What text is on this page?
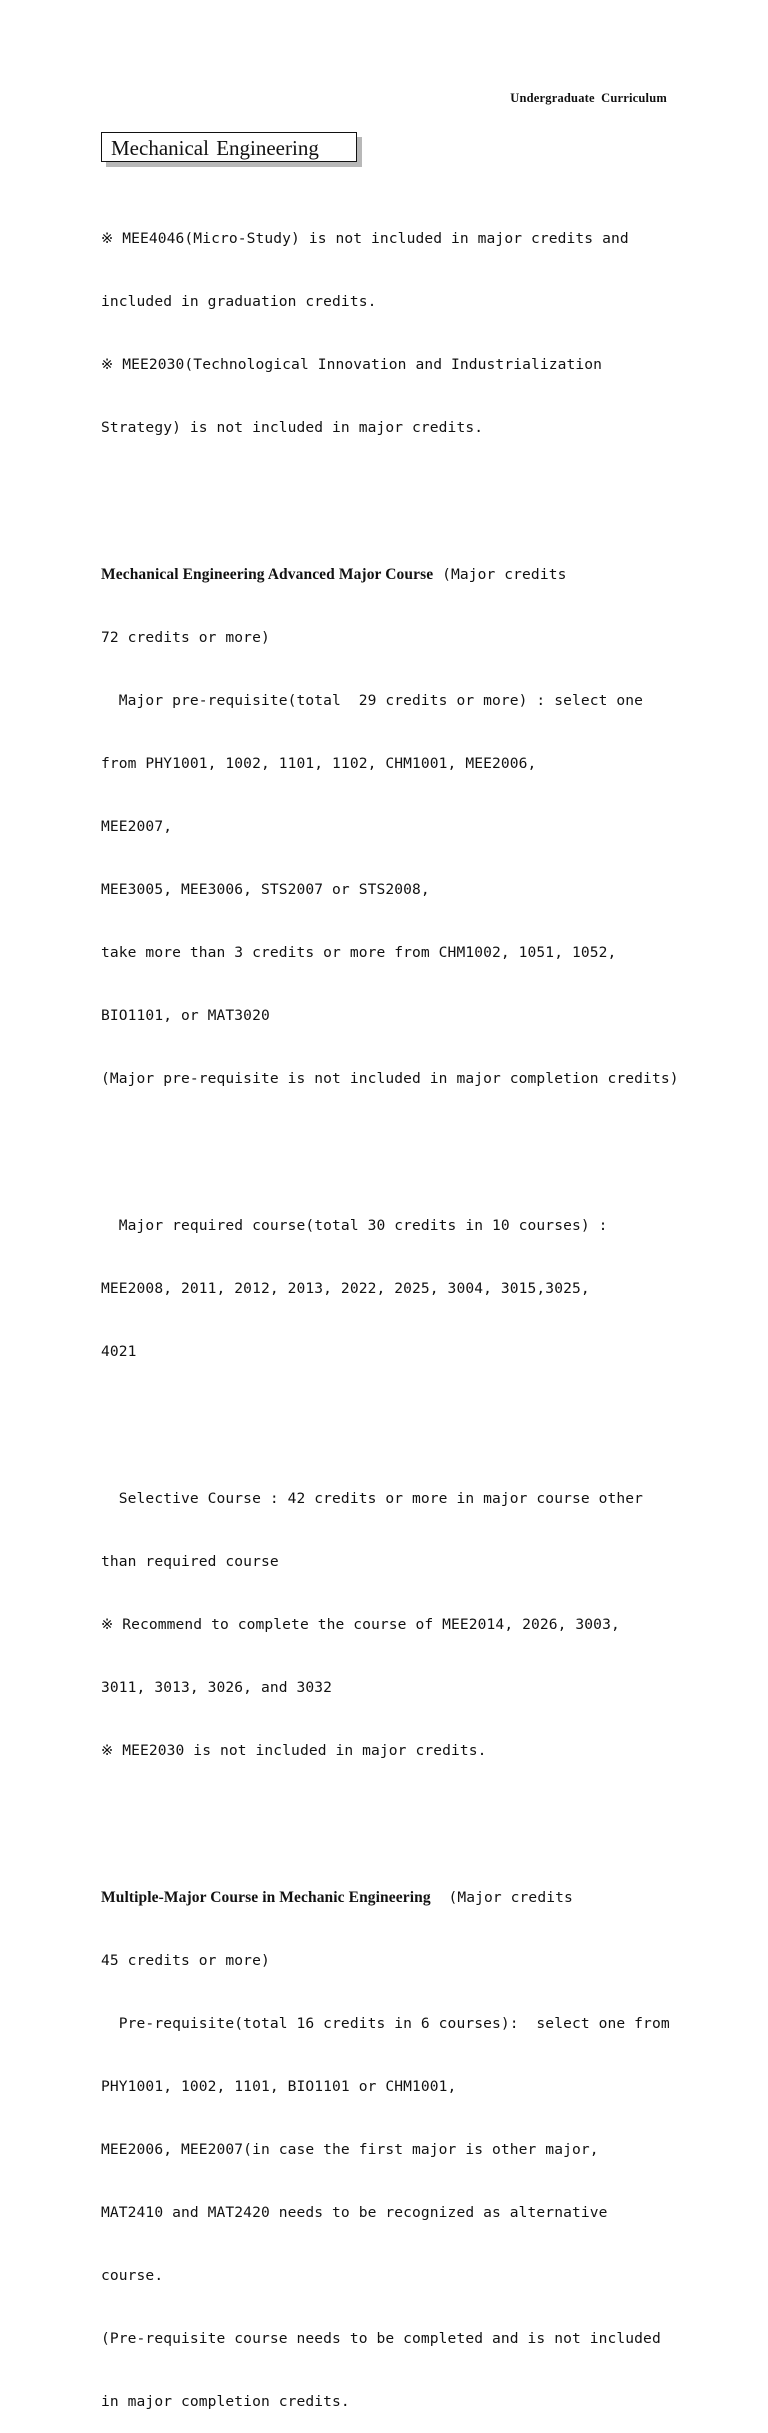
Undergraduate Curriculum
Mechanical Engineering

※ MEE4046(Micro-Study) is not included in major credits and

included in graduation credits.

※ MEE2030(Technological Innovation and Industrialization

Strategy) is not included in major credits.

Mechanical Engineering Advanced Major Course (Major credits

72 credits or more)

Major pre-requisite(total  29 credits or more) : select one

from PHY1001, 1002, 1101, 1102, CHM1001, MEE2006,

MEE2007,

MEE3005, MEE3006, STS2007 or STS2008,

take more than 3 credits or more from CHM1002, 1051, 1052,

BIO1101, or MAT3020

(Major pre-requisite is not included in major completion credits)

Major required course(total 30 credits in 10 courses) :

MEE2008, 2011, 2012, 2013, 2022, 2025, 3004, 3015,3025,

4021

Selective Course : 42 credits or more in major course other

than required course

※ Recommend to complete the course of MEE2014, 2026, 3003,

3011, 3013, 3026, and 3032

※ MEE2030 is not included in major credits.

Multiple-Major Course in Mechanic Engineering  (Major credits

45 credits or more)

Pre-requisite(total 16 credits in 6 courses):  select one from

PHY1001, 1002, 1101, BIO1101 or CHM1001,

MEE2006, MEE2007(in case the first major is other major,

MAT2410 and MAT2420 needs to be recognized as alternative

course.

(Pre-requisite course needs to be completed and is not included

in major completion credits.
